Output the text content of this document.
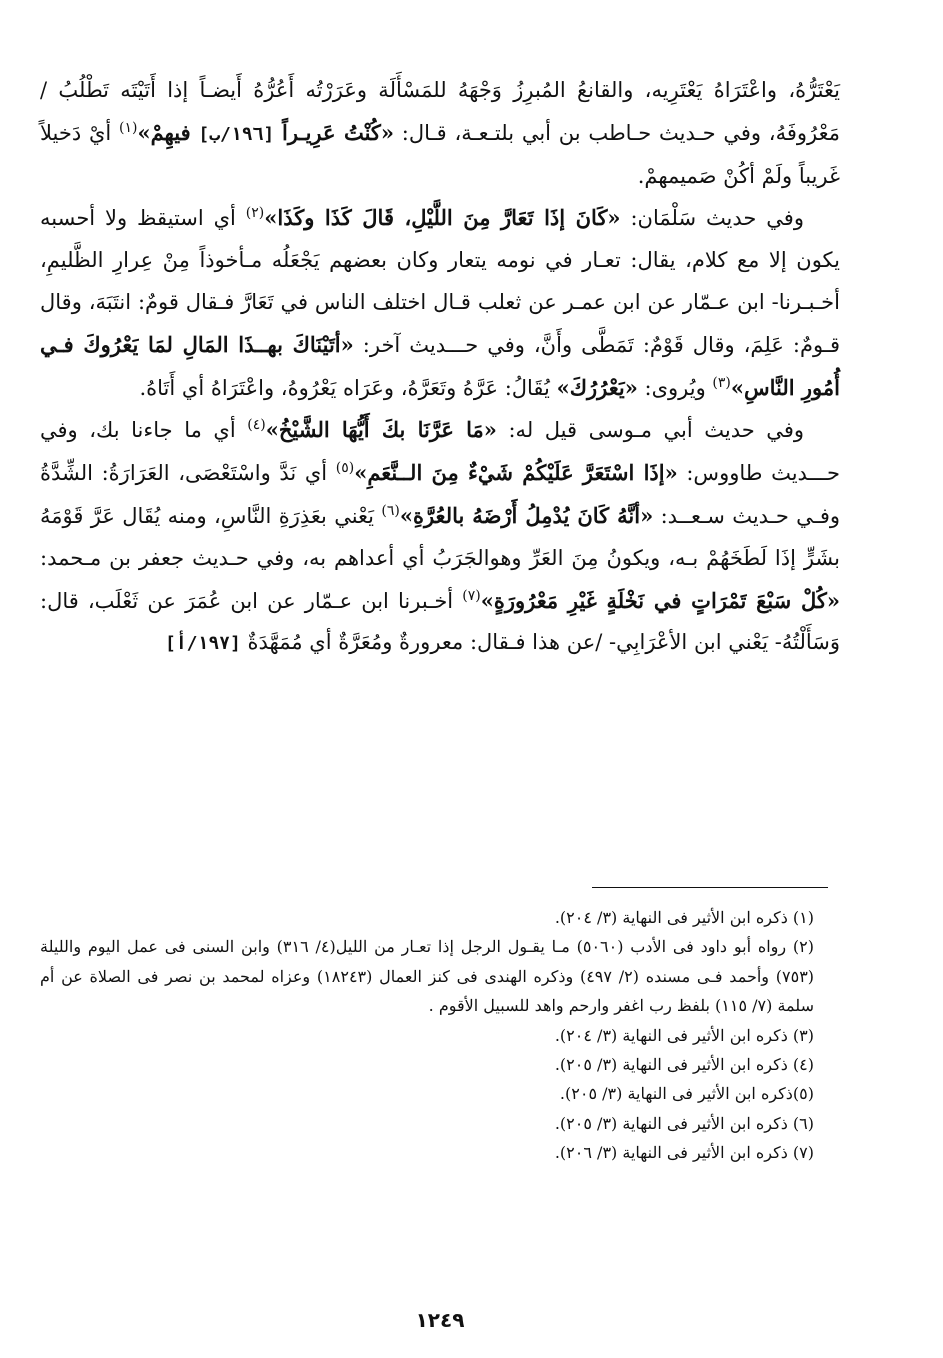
يَعْتَرُّهُ، واعْتَرَاهُ يَعْتَرِيه، والقانعُ المُبرِزُ وَجْهَهُ للمَسْأَلَة وعَرَرْتُه أَعُرُّهُ أَيضـاً إذا أَتَيْتَه تَطْلُبُ / مَعْرُوفَهُ، وفي حـديث حـاطب بن أبي بلتـعـة، قـال: «كُنْتُ عَرِيـراً [١٩٦/ب] فيهِمْ»$^{(١)}$ أيْ دَخيلاً غَريباً ولَمْ أكُنْ صَميمهمْ.

وفي حديث سَلْمَان: «كَانَ إذَا تَعَارَّ مِنَ اللَّيْلِ، قَالَ كَذَا وكَذَا»$^{(٢)}$ أي استيقظ ولا أحسبه يكون إلا مع كلام، يقال: تعـار في نومه يتعار وكان بعضهم يَجْعَلُه مـأخوذاً مِنْ عِرارِ الظَّليمِ، أخـبـرنا- ابن عـمّار عن ابن عمـر عن ثعلب قـال اختلف الناس في تَعَارَّ فـقال قومٌ: انتَبَهَ، وقال قـومٌ: عَلِمَ، وقال قَوْمٌ: تَمَطَّى وأَنَّ، وفي حـــديث آخر: «أتَيْنَاكَ بهــذَا المَالِ لمَا يَعْرُوكَ فـي أُمُورِ النَّاسِ»$^{(٣)}$ ويُروى: «يَعْرُرُكَ» يُقَالُ: عَرَّهُ وتَعَرَّهُ، وعَرَاه يَعْرُوهُ، واعْتَرَاهُ أي أَتَاهُ.

وفي حديث أبي مـوسى قيل له: «مَا عَرَّنَا بكَ أَيُّهَا الشَّيْخُ»$^{(٤)}$ أي ما جاءنا بك، وفي حـــديث طاووس: «إذَا اسْتَعَرَّ عَلَيْكُمْ شَيْءٌ مِنَ الــنَّعَمِ»$^{(٥)}$ أي نَدَّ واسْتَعْصَى، العَرَارَةُ: الشِّدَّةُ وفـي حـديث سـعــد: «أنَّهُ كَانَ يُدْمِلُ أَرْضَهُ بالعُرَّةِ»$^{(٦)}$ يَعْني بعَذِرَةِ النَّاسِ، ومنه يُقَال عَرَّ قَوْمَهُ بشَرٍّ إذَا لَطَخَهُمْ بـه، ويكونُ مِنَ العَرِّ وهوالجَرَبُ أي أعداهم به، وفي حـديث جعفر بن مـحمد: «كُلْ سَبْعَ تَمْرَاتٍ في نَخْلَةٍ غَيْرِ مَعْرُورَةٍ»$^{(٧)}$ أخـبرنا ابن عـمّار عن ابن عُمَرَ عن ثَعْلَب، قال: وَسَأَلْتُهُ- يَعْني ابن الأعْرَابِي- /عن هذا فـقال: معرورةٌ ومُعَرَّةٌ أي مُمَهَّدَةٌ [١٩٧/أ]

(١) ذكره ابن الأثير فى النهاية (٣/ ٢٠٤).

(٢) رواه أبو داود فى الأدب (٥٠٦٠) مـا يقـول الرجل إذا تعـار من الليل(٤/ ٣١٦) وابن السنى فى عمل اليوم والليلة (٧٥٣) وأحمد فـى مسنده (٢/ ٤٩٧) وذكره الهندى فى كنز العمال (١٨٢٤٣) وعزاه لمحمد بن نصر فى الصلاة عن أم سلمة (٧/ ١١٥) بلفظ رب اغفر وارحم واهد للسبيل الأقوم .

(٣) ذكره ابن الأثير فى النهاية (٣/ ٢٠٤).

(٤) ذكره ابن الأثير فى النهاية (٣/ ٢٠٥).

(٥)ذكره ابن الأثير فى النهاية (٣/ ٢٠٥).

(٦) ذكره ابن الأثير فى النهاية (٣/ ٢٠٥).

(٧) ذكره ابن الأثير فى النهاية (٣/ ٢٠٦).

١٢٤٩
